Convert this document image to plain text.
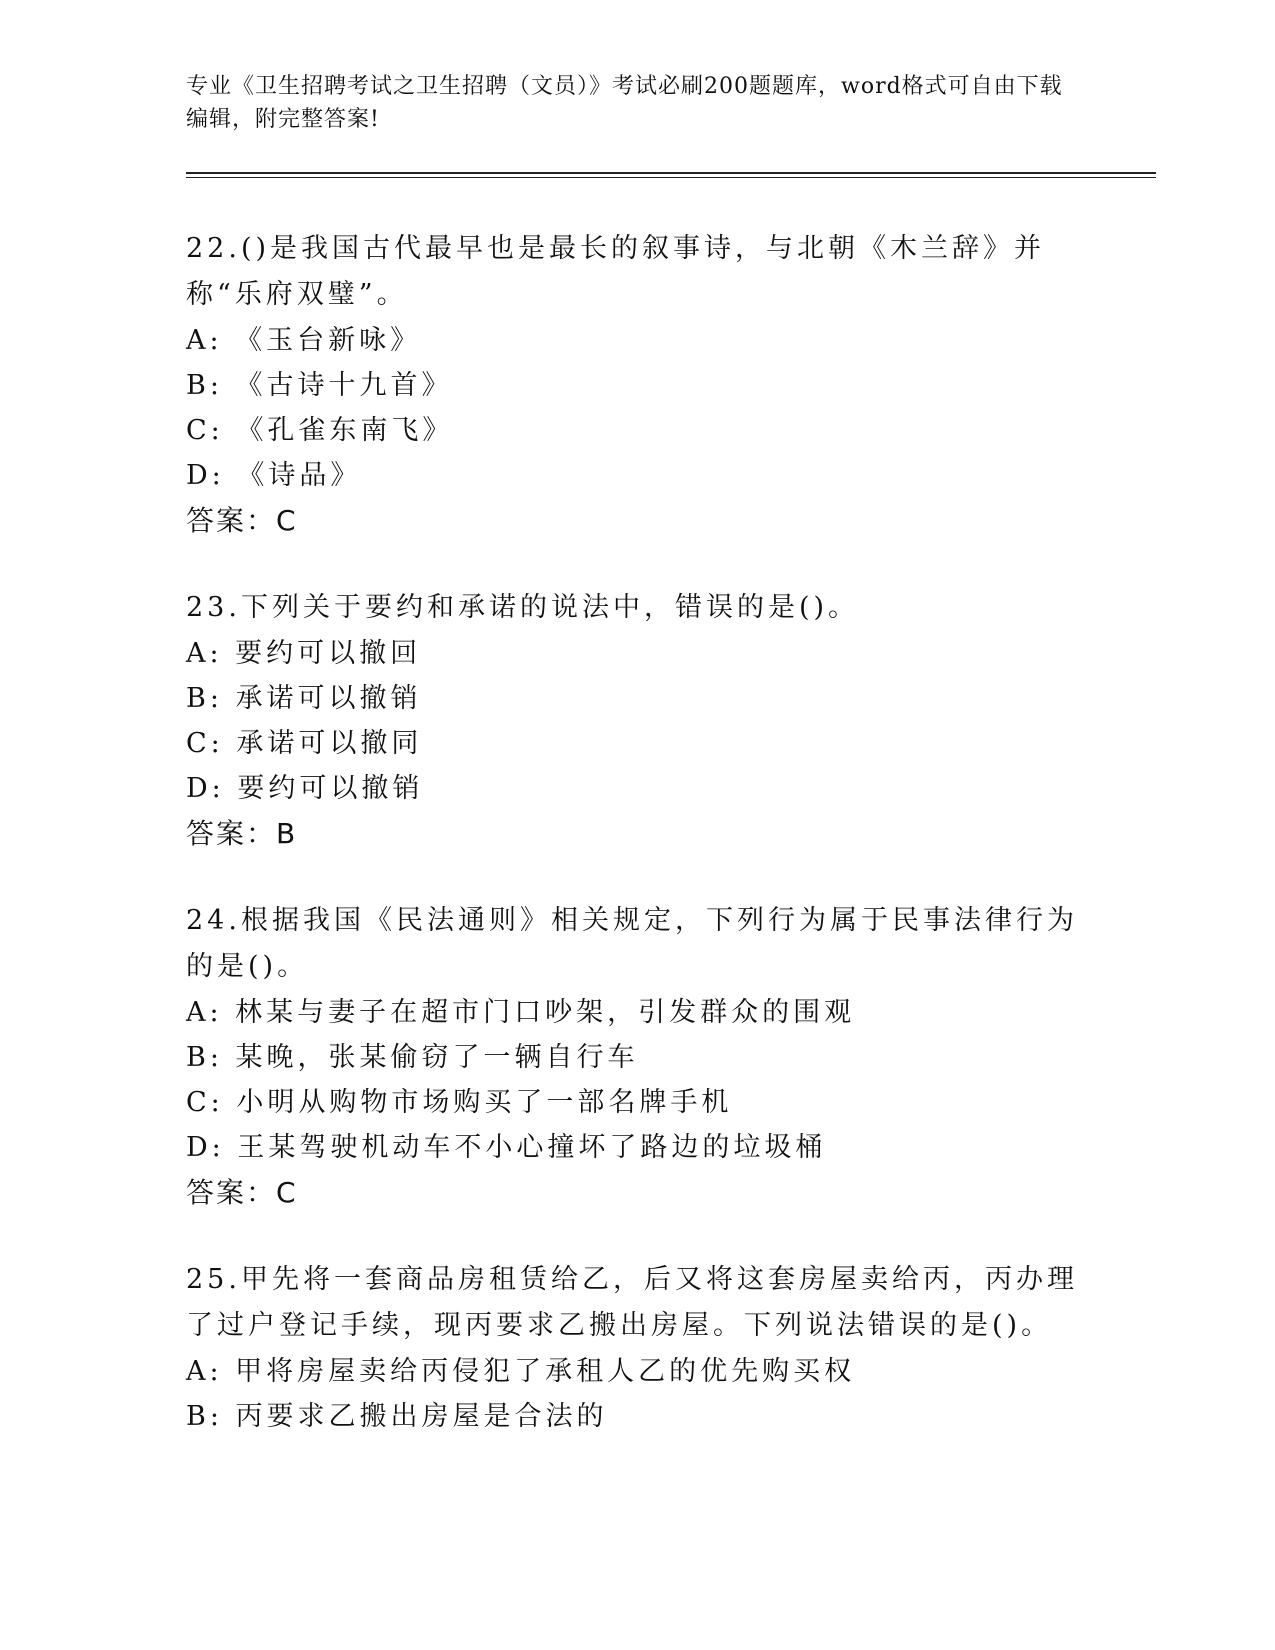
专业《卫生招聘考试之卫生招聘（文员）》考试必刷200题题库，word格式可自由下载编辑，附完整答案!

22.()是我国古代最早也是最长的叙事诗，与北朝《木兰辞》并称“乐府双璧”。

A: 《玉台新咏》

B: 《古诗十九首》

C: 《孔雀东南飞》

D: 《诗品》

答案：C

23.下列关于要约和承诺的说法中，错误的是()。

A: 要约可以撤回

B: 承诺可以撤销

C: 承诺可以撤同

D: 要约可以撤销

答案：B

24.根据我国《民法通则》相关规定，下列行为属于民事法律行为的是()。

A: 林某与妻子在超市门口吵架，引发群众的围观

B: 某晚，张某偷窃了一辆自行车

C: 小明从购物市场购买了一部名牌手机

D: 王某驾驶机动车不小心撞坏了路边的垃圾桶

答案：C

25.甲先将一套商品房租赁给乙，后又将这套房屋卖给丙，丙办理了过户登记手续，现丙要求乙搬出房屋。下列说法错误的是()。

A: 甲将房屋卖给丙侵犯了承租人乙的优先购买权

B: 丙要求乙搬出房屋是合法的
